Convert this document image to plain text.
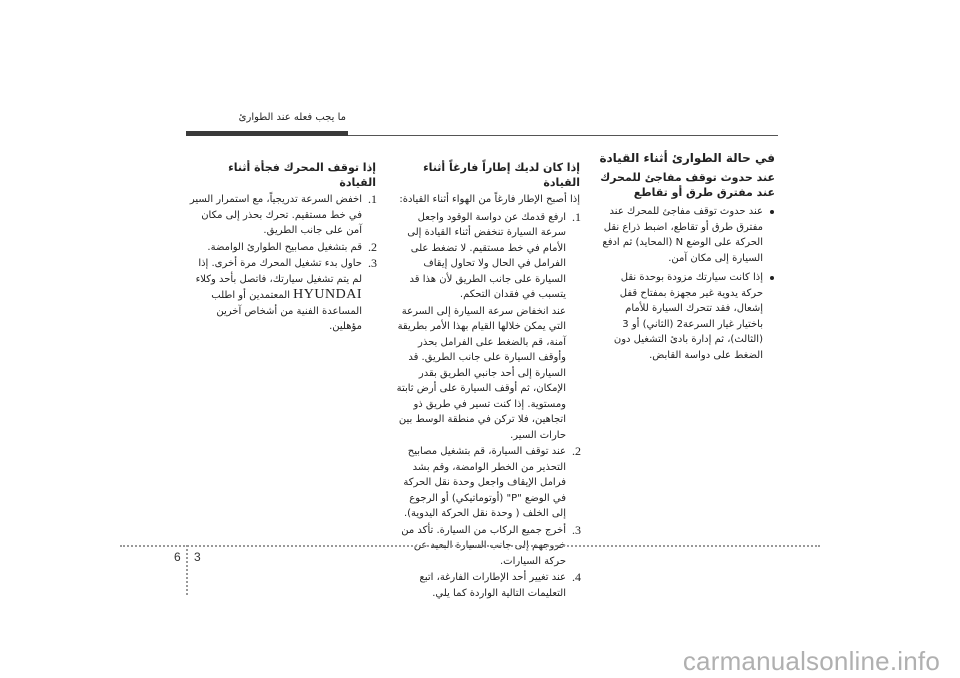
ما يجب فعله عند الطوارئ
في حالة الطوارئ أثناء القيادة
عند حدوث توقف مفاجئ للمحرك عند مفترق طرق أو تقاطع
عند حدوث توقف مفاجئ للمحرك عند مفترق طرق أو تقاطع، اضبط ذراع نقل الحركة على الوضع N (المحايد) ثم ادفع السيارة إلى مكان آمن.
إذا كانت سيارتك مزودة بوحدة نقل حركة يدوية غير مجهزة بمفتاح قفل إشعال، فقد تتحرك السيارة للأمام باختيار غيار السرعة2 (الثاني) أو 3 (الثالث)، ثم إدارة بادئ التشغيل دون الضغط على دواسة القابض.
إذا كان لديك إطاراً فارغاً أثناء القيادة
إذا أصبح الإطار فارغاً من الهواء أثناء القيادة:
1.
ارفع قدمك عن دواسة الوقود واجعل سرعة السيارة تنخفض أثناء القيادة إلى الأمام في خط مستقيم. لا تضغط على الفرامل في الحال ولا تحاول إيقاف السيارة على جانب الطريق لأن هذا قد يتسبب في فقدان التحكم.
عند انخفاض سرعة السيارة إلى السرعة التي يمكن خلالها القيام بهذا الأمر بطريقة آمنة، قم بالضغط على الفرامل بحذر وأوقف السيارة على جانب الطريق. قد السيارة إلى أحد جانبي الطريق بقدر الإمكان، ثم أوقف السيارة على أرض ثابتة ومستوية. إذا كنت تسير في طريق ذو اتجاهين، فلا تركن في منطقة الوسط بين حارات السير.
2.
عند توقف السيارة، قم بتشغيل مصابيح التحذير من الخطر الوامضة، وقم بشد فرامل الإيقاف واجعل وحدة نقل الحركة في الوضع "P" (أوتوماتيكي) أو الرجوع إلى الخلف ( وحدة نقل الحركة اليدوية).
3.
أخرج جميع الركاب من السيارة. تأكد من خروجهم إلى جانب السيارة البعيد عن حركة السيارات.
4.
عند تغيير أحد الإطارات الفارغة، اتبع التعليمات التالية الواردة كما يلي.
إذا توقف المحرك فجأة أثناء القيادة
1.
اخفض السرعة تدريجياً، مع استمرار السير في خط مستقيم. تحرك بحذر إلى مكان آمن على جانب الطريق.
2.
قم بتشغيل مصابيح الطوارئ الوامضة.
3.
حاول بدء تشغيل المحرك مرة أخرى. إذا لم يتم تشغيل سيارتك، فاتصل بأحد وكلاء HYUNDAI المعتمدين أو اطلب المساعدة الفنية من أشخاص آخرين مؤهلين.
6 3
carmanualsonline.info
